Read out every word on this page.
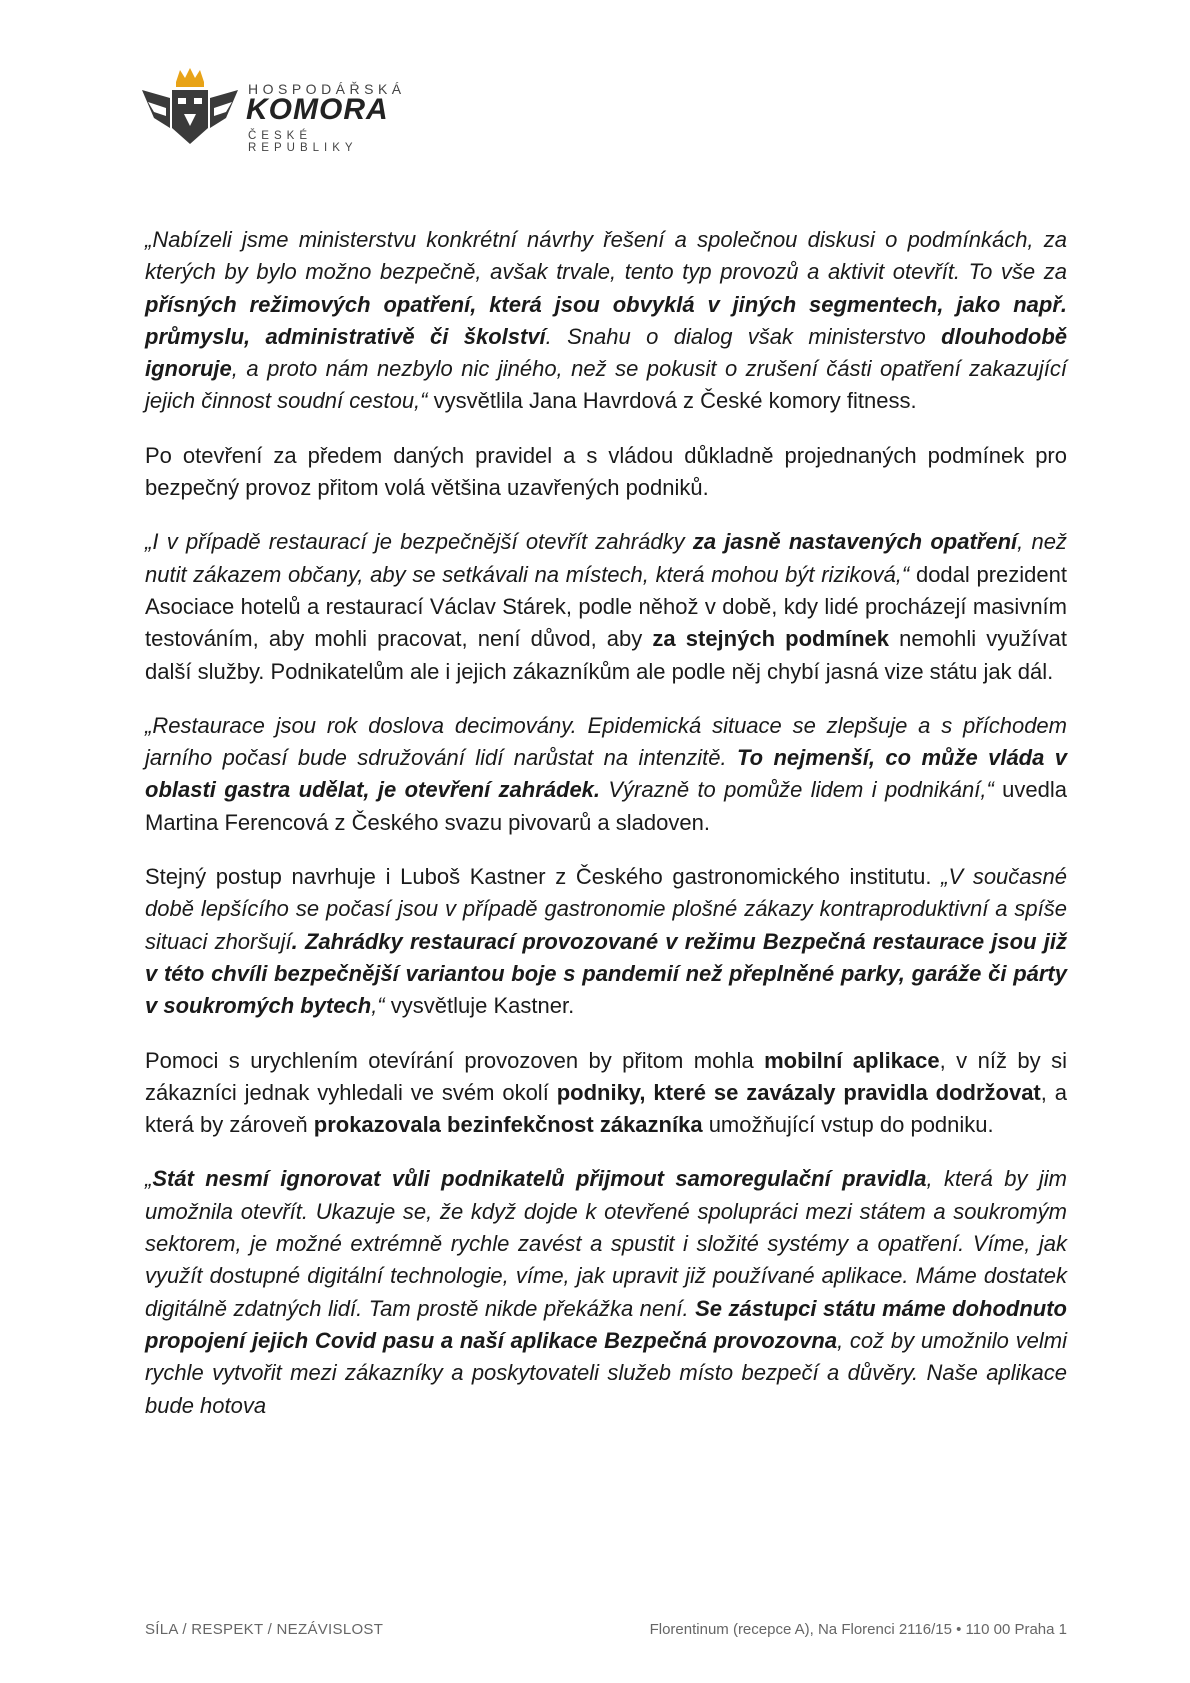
HOSPODÁŘSKÁ
KOMORA
ČESKÉ REPUBLIKY

„Nabízeli jsme ministerstvu konkrétní návrhy řešení a společnou diskusi o podmínkách, za kterých by bylo možno bezpečně, avšak trvale, tento typ provozů a aktivit otevřít. To vše za přísných režimových opatření, která jsou obvyklá v jiných segmentech, jako např. průmyslu, administrativě či školství. Snahu o dialog však ministerstvo dlouhodobě ignoruje, a proto nám nezbylo nic jiného, než se pokusit o zrušení části opatření zakazující jejich činnost soudní cestou,“ vysvětlila Jana Havrdová z České komory fitness.

Po otevření za předem daných pravidel a s vládou důkladně projednaných podmínek pro bezpečný provoz přitom volá většina uzavřených podniků.

„I v případě restaurací je bezpečnější otevřít zahrádky za jasně nastavených opatření, než nutit zákazem občany, aby se setkávali na místech, která mohou být riziková,“ dodal prezident Asociace hotelů a restaurací Václav Stárek, podle něhož v době, kdy lidé procházejí masivním testováním, aby mohli pracovat, není důvod, aby za stejných podmínek nemohli využívat další služby. Podnikatelům ale i jejich zákazníkům ale podle něj chybí jasná vize státu jak dál.

„Restaurace jsou rok doslova decimovány. Epidemická situace se zlepšuje a s příchodem jarního počasí bude sdružování lidí narůstat na intenzitě. To nejmenší, co může vláda v oblasti gastra udělat, je otevření zahrádek. Výrazně to pomůže lidem i podnikání,“ uvedla Martina Ferencová z Českého svazu pivovarů a sladoven.

Stejný postup navrhuje i Luboš Kastner z Českého gastronomického institutu. „V současné době lepšícího se počasí jsou v případě gastronomie plošné zákazy kontraproduktivní a spíše situaci zhoršují. Zahrádky restaurací provozované v režimu Bezpečná restaurace jsou již v této chvíli bezpečnější variantou boje s pandemií než přeplněné parky, garáže či párty v soukromých bytech,“ vysvětluje Kastner.

Pomoci s urychlením otevírání provozoven by přitom mohla mobilní aplikace, v níž by si zákazníci jednak vyhledali ve svém okolí podniky, které se zavázaly pravidla dodržovat, a která by zároveň prokazovala bezinfekčnost zákazníka umožňující vstup do podniku.

„Stát nesmí ignorovat vůli podnikatelů přijmout samoregulační pravidla, která by jim umožnila otevřít. Ukazuje se, že když dojde k otevřené spolupráci mezi státem a soukromým sektorem, je možné extrémně rychle zavést a spustit i složité systémy a opatření. Víme, jak využít dostupné digitální technologie, víme, jak upravit již používané aplikace. Máme dostatek digitálně zdatných lidí. Tam prostě nikde překážka není. Se zástupci státu máme dohodnuto propojení jejich Covid pasu a naší aplikace Bezpečná provozovna, což by umožnilo velmi rychle vytvořit mezi zákazníky a poskytovateli služeb místo bezpečí a důvěry. Naše aplikace bude hotova

SÍLA / RESPEKT / NEZÁVISLOST	Florentinum (recepce A), Na Florenci 2116/15 • 110 00 Praha 1
